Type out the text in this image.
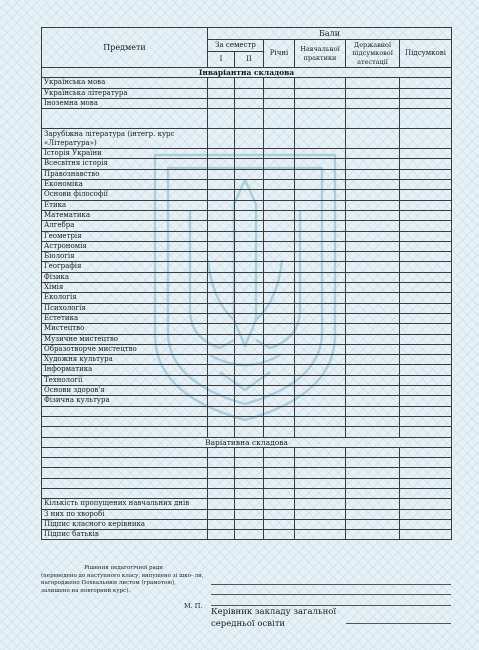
Предмети	Бали					
	За семестр		Річні	Навчальної практики	Державної підсумкової атестації	Підсумкові
	I	II				
Інваріантна складова						
Українська мова						
Українська література						
Іноземна мова						

Зарубіжна література (інтегр. курс «Література»)						
Історія України						
Всесвітня історія						
Правознавство						
Економіка						
Основи філософії						
Етика						
Математика						
Алгебра						
Геометрія						
Астрономія						
Біологія						
Географія						
Фізика						
Хімія						
Екологія						
Психологія						
Естетика						
Мистецтво						
Музичне мистецтво						
Образотворче мистецтво						
Художня культура						
Інформатика						
Технології						
Основи здоров'я						
Фізична культура						

Варіативна складова						

Кількість пропущених навчальних днів						
З них по хворобі						
Підпис класного керівника						
Підпис батьків						
Рішення педагогічної ради
(переведено до наступного класу, випущено зі шко- ли, нагороджено Похвальним листом (грамотою), залишено на повторний курс).
М. П.
Керівник закладу загальної середньої освіти
